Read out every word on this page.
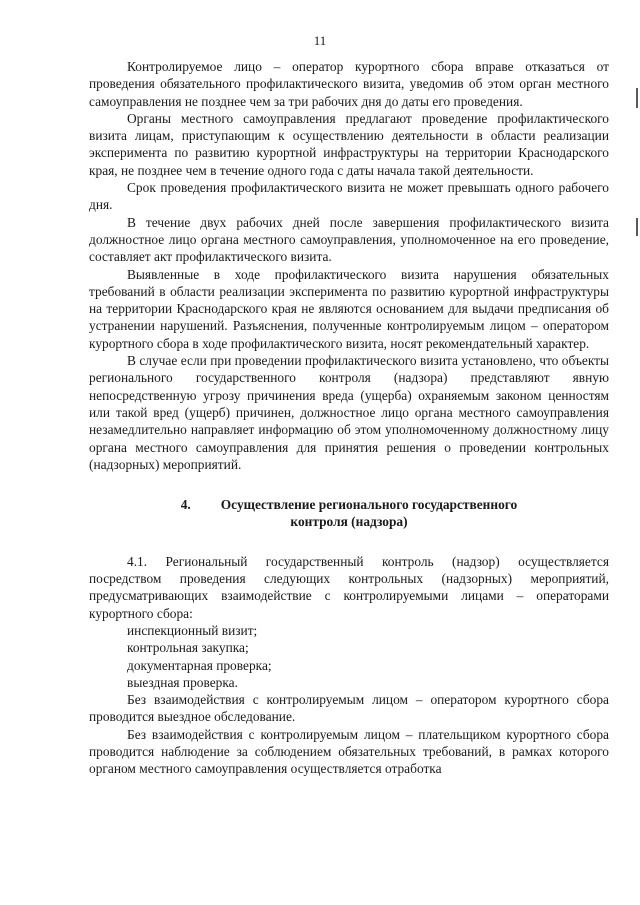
11

Контролируемое лицо – оператор курортного сбора вправе отказаться от проведения обязательного профилактического визита, уведомив об этом орган местного самоуправления не позднее чем за три рабочих дня до даты его проведения.

Органы местного самоуправления предлагают проведение профилактического визита лицам, приступающим к осуществлению деятельности в области реализации эксперимента по развитию курортной инфраструктуры на территории Краснодарского края, не позднее чем в течение одного года с даты начала такой деятельности.

Срок проведения профилактического визита не может превышать одного рабочего дня.

В течение двух рабочих дней после завершения профилактического визита должностное лицо органа местного самоуправления, уполномоченное на его проведение, составляет акт профилактического визита.

Выявленные в ходе профилактического визита нарушения обязательных требований в области реализации эксперимента по развитию курортной инфраструктуры на территории Краснодарского края не являются основанием для выдачи предписания об устранении нарушений. Разъяснения, полученные контролируемым лицом – оператором курортного сбора в ходе профилактического визита, носят рекомендательный характер.

В случае если при проведении профилактического визита установлено, что объекты регионального государственного контроля (надзора) представляют явную непосредственную угрозу причинения вреда (ущерба) охраняемым законом ценностям или такой вред (ущерб) причинен, должностное лицо органа местного самоуправления незамедлительно направляет информацию об этом уполномоченному должностному лицу органа местного самоуправления для принятия решения о проведении контрольных (надзорных) мероприятий.

4. Осуществление регионального государственного
контроля (надзора)

4.1. Региональный государственный контроль (надзор) осуществляется посредством проведения следующих контрольных (надзорных) мероприятий, предусматривающих взаимодействие с контролируемыми лицами – операторами курортного сбора:

инспекционный визит;
контрольная закупка;
документарная проверка;
выездная проверка.

Без взаимодействия с контролируемым лицом – оператором курортного сбора проводится выездное обследование.

Без взаимодействия с контролируемым лицом – плательщиком курортного сбора проводится наблюдение за соблюдением обязательных требований, в рамках которого органом местного самоуправления осуществляется отработка
